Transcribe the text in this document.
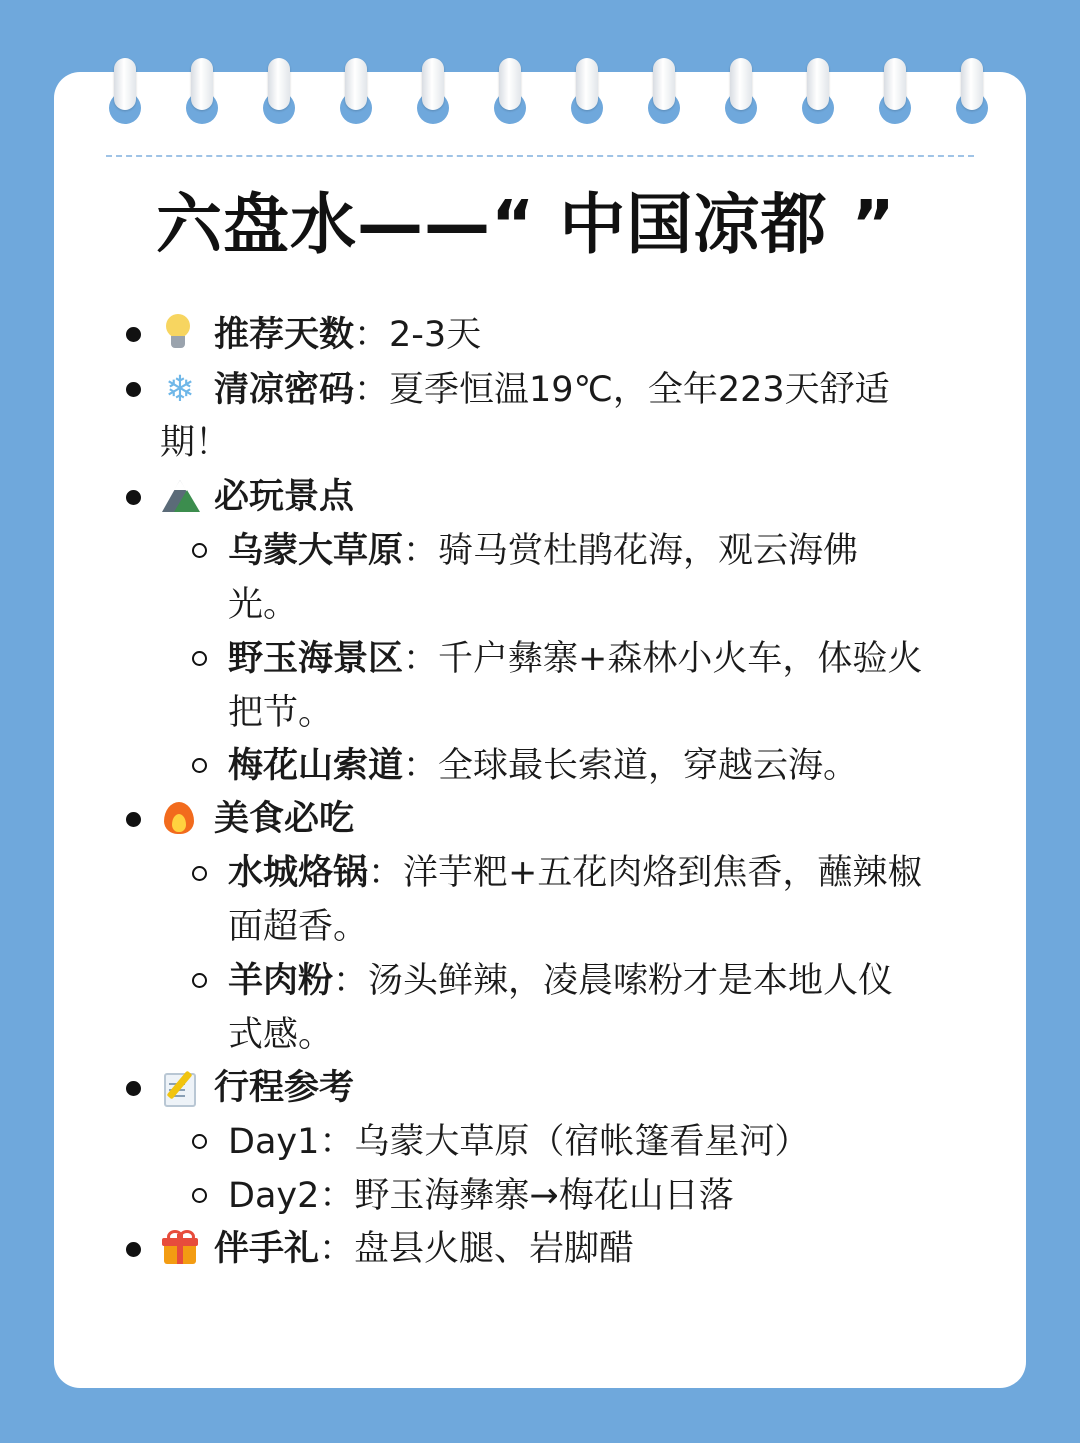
六盘水——“ 中国凉都 ”
推荐天数：2-3天
❄ 清凉密码：夏季恒温19℃，全年223天舒适
期！
必玩景点
乌蒙大草原：骑马赏杜鹃花海，观云海佛
光。
野玉海景区：千户彝寨+森林小火车，体验火
把节。
梅花山索道：全球最长索道，穿越云海。
美食必吃
水城烙锅：洋芋粑+五花肉烙到焦香，蘸辣椒
面超香。
羊肉粉：汤头鲜辣，凌晨嗦粉才是本地人仪
式感。
行程参考
Day1：乌蒙大草原（宿帐篷看星河）
Day2：野玉海彝寨→梅花山日落
伴手礼：盘县火腿、岩脚醋
